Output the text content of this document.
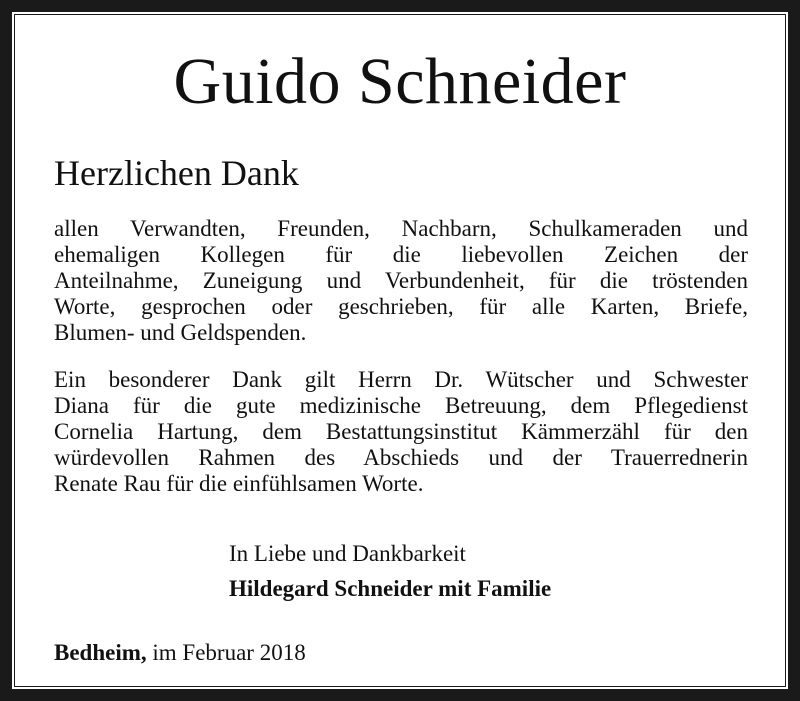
Guido Schneider
Herzlichen Dank
allen Verwandten, Freunden, Nachbarn, Schulkameraden und
ehemaligen Kollegen für die liebevollen Zeichen der
Anteilnahme, Zuneigung und Verbundenheit, für die tröstenden
Worte, gesprochen oder geschrieben, für alle Karten, Briefe,
Blumen- und Geldspenden.
Ein besonderer Dank gilt Herrn Dr. Wütscher und Schwester
Diana für die gute medizinische Betreuung, dem Pflegedienst
Cornelia Hartung, dem Bestattungsinstitut Kämmerzähl für den
würdevollen Rahmen des Abschieds und der Trauerrednerin
Renate Rau für die einfühlsamen Worte.
In Liebe und Dankbarkeit
Hildegard Schneider mit Familie
Bedheim, im Februar 2018
